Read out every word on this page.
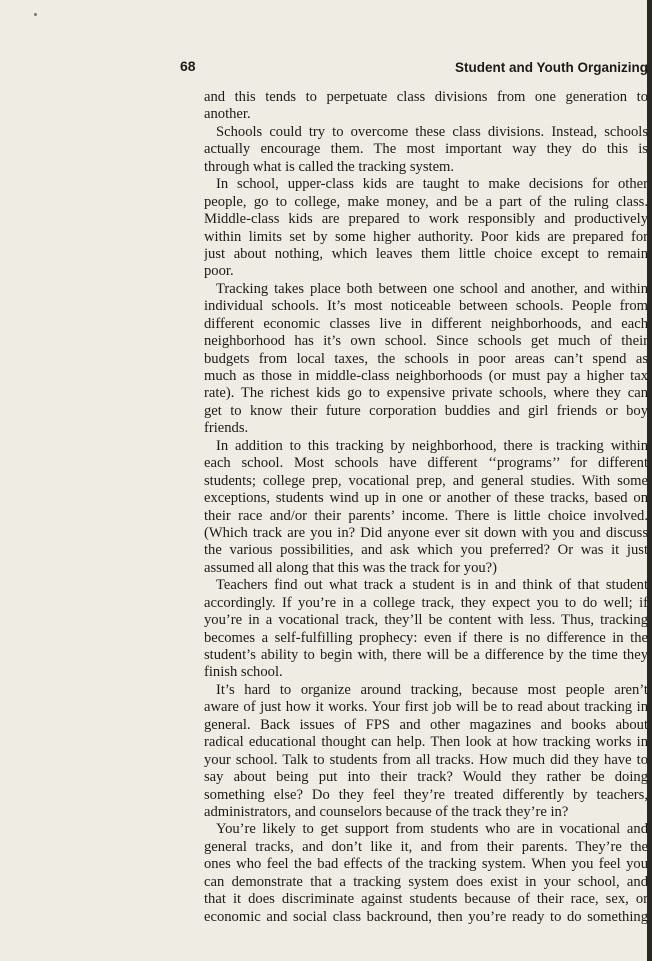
68	Student and Youth Organizing
and this tends to perpetuate class divisions from one generation to
another.
Schools could try to overcome these class divisions. Instead, schools
actually encourage them. The most important way they do this is
through what is called the tracking system.
In school, upper-class kids are taught to make decisions for other
people, go to college, make money, and be a part of the ruling class.
Middle-class kids are prepared to work responsibly and productively
within limits set by some higher authority. Poor kids are prepared for
just about nothing, which leaves them little choice except to remain
poor.
Tracking takes place both between one school and another, and within
individual schools. It’s most noticeable between schools. People from
different economic classes live in different neighborhoods, and each
neighborhood has it’s own school. Since schools get much of their
budgets from local taxes, the schools in poor areas can’t spend as
much as those in middle-class neighborhoods (or must pay a higher tax
rate). The richest kids go to expensive private schools, where they can
get to know their future corporation buddies and girl friends or boy
friends.
In addition to this tracking by neighborhood, there is tracking within
each school. Most schools have different ‘‘programs’’ for different
students; college prep, vocational prep, and general studies. With some
exceptions, students wind up in one or another of these tracks, based on
their race and/or their parents’ income. There is little choice involved.
(Which track are you in? Did anyone ever sit down with you and discuss
the various possibilities, and ask which you preferred? Or was it just
assumed all along that this was the track for you?)
Teachers find out what track a student is in and think of that student
accordingly. If you’re in a college track, they expect you to do well; if
you’re in a vocational track, they’ll be content with less. Thus, tracking
becomes a self-fulfilling prophecy: even if there is no difference in the
student’s ability to begin with, there will be a difference by the time they
finish school.
It’s hard to organize around tracking, because most people aren’t
aware of just how it works. Your first job will be to read about tracking in
general. Back issues of FPS and other magazines and books about
radical educational thought can help. Then look at how tracking works in
your school. Talk to students from all tracks. How much did they have to
say about being put into their track? Would they rather be doing
something else? Do they feel they’re treated differently by teachers,
administrators, and counselors because of the track they’re in?
You’re likely to get support from students who are in vocational and
general tracks, and don’t like it, and from their parents. They’re the
ones who feel the bad effects of the tracking system. When you feel you
can demonstrate that a tracking system does exist in your school, and
that it does discriminate against students because of their race, sex, or
economic and social class backround, then you’re ready to do something
